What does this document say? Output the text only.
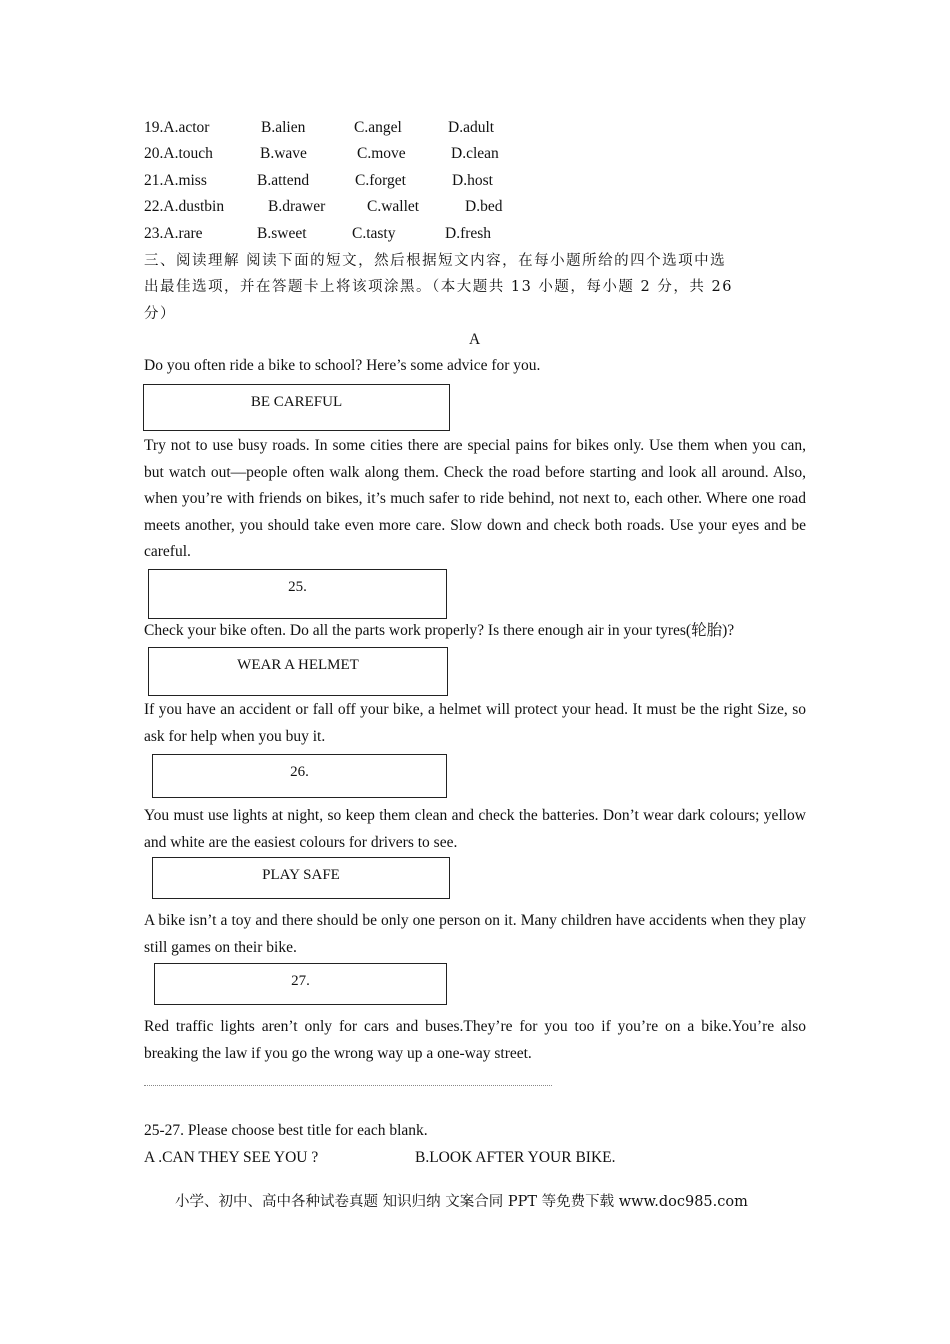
19.A.actor	B.alien	C.angel	D.adult
20.A.touch	B.wave	C.move	D.clean
21.A.miss	B.attend	C.forget	D.host
22.A.dustbin	B.drawer	C.wallet	D.bed
23.A.rare	B.sweet	C.tasty	D.fresh
三、阅读理解 阅读下面的短文，然后根据短文内容，在每小题所给的四个选项中选
出最佳选项，并在答题卡上将该项涂黑。（本大题共 13 小题，每小题 2 分，共 26
分）
A
Do you often ride a bike to school? Here’s some advice for you.
BE CAREFUL
Try not to use busy roads. In some cities there are special pains for bikes only. Use them when you can, but watch out—people often walk along them. Check the road before starting and look all around. Also, when you’re with friends on bikes, it’s much safer to ride behind, not next to, each other. Where one road meets another, you should take even more care. Slow down and check both roads. Use your eyes and be careful.
25.
Check your bike often. Do all the parts work properly? Is there enough air in your tyres(轮胎)?
WEAR A HELMET
If you have an accident or fall off your bike, a helmet will protect your head. It must be the right Size, so ask for help when you buy it.
26.
You must use lights at night, so keep them clean and check the batteries. Don’t wear dark colours; yellow and white are the easiest colours for drivers to see.
PLAY SAFE
A bike isn’t a toy and there should be only one person on it. Many children have accidents when they play still games on their bike.
27.
Red traffic lights aren’t only for cars and buses.They’re for you too if you’re on a bike.You’re also breaking the law if you go the wrong way up a one-way street.
25-27. Please choose best title for each blank.
A .CAN THEY SEE YOU ?	B.LOOK AFTER YOUR BIKE.
小学、初中、高中各种试卷真题 知识归纳 文案合同 PPT 等免费下载 www.doc985.com
